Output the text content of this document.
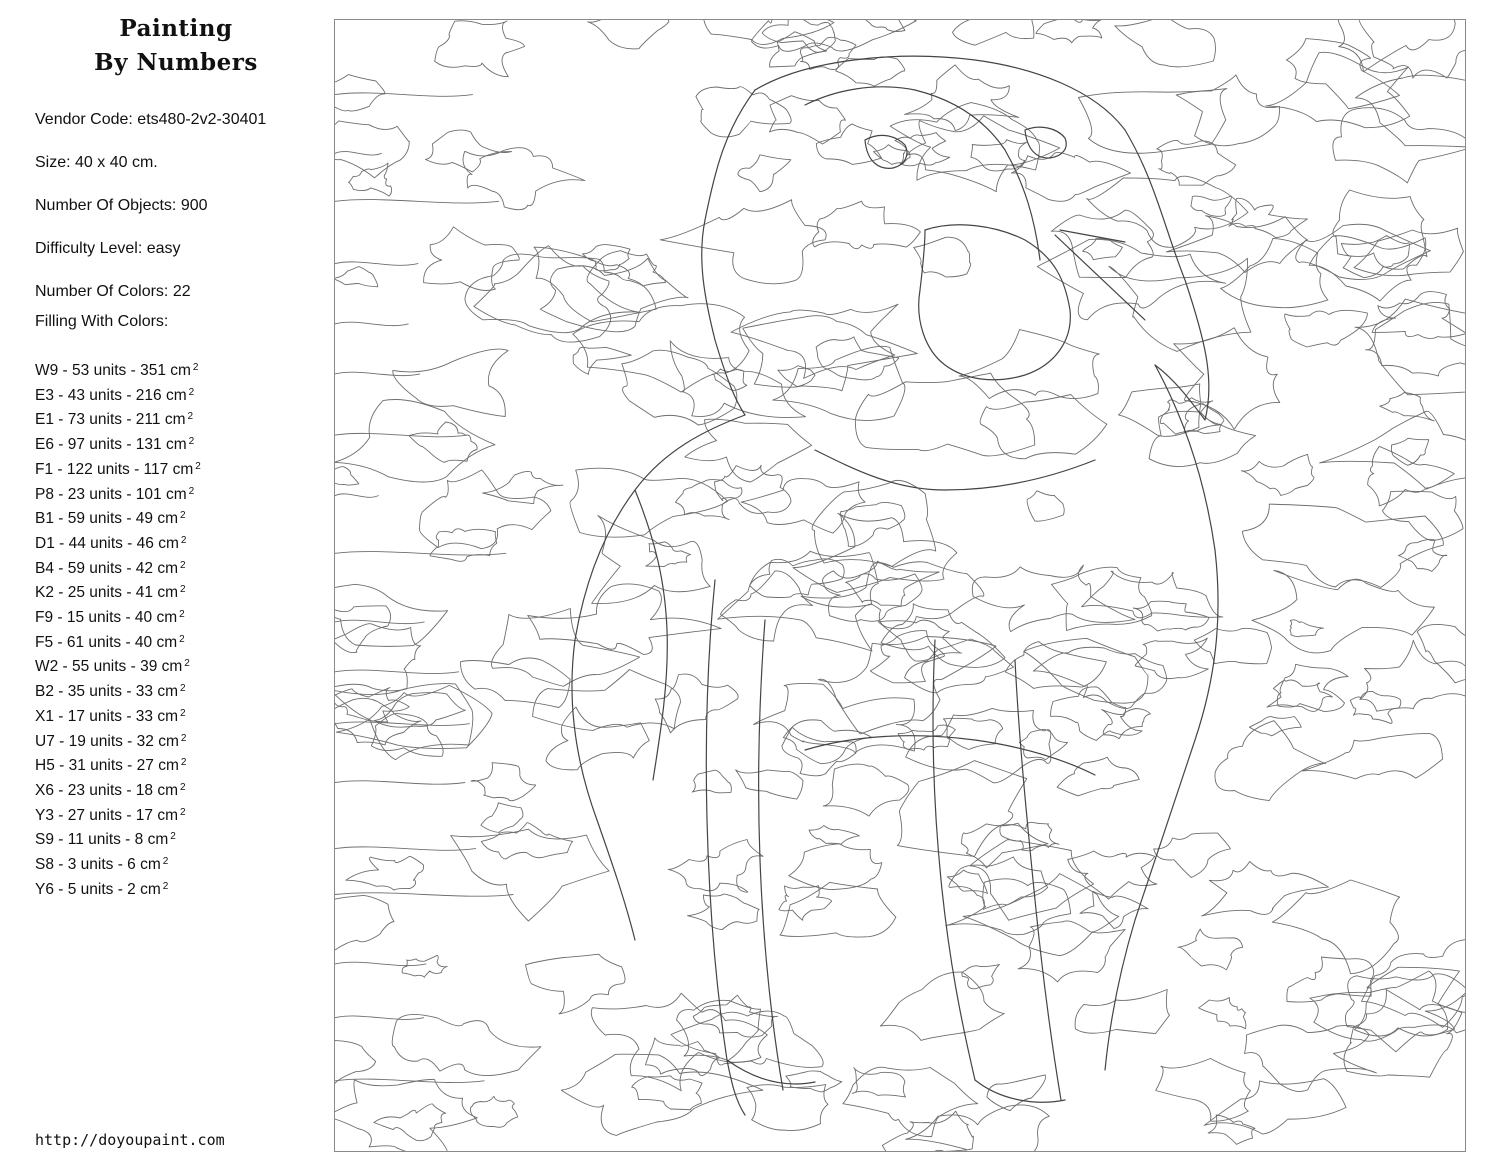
Painting
By Numbers
Vendor Code: ets480-2v2-30401
Size: 40 x 40 cm.
Number Of Objects: 900
Difficulty Level: easy
Number Of Colors: 22
Filling With Colors:
W9 - 53 units - 351 cm $^2$
E3 - 43 units - 216 cm $^2$
E1 - 73 units - 211 cm $^2$
E6 - 97 units - 131 cm $^2$
F1 - 122 units - 117 cm $^2$
P8 - 23 units - 101 cm $^2$
B1 - 59 units - 49 cm $^2$
D1 - 44 units - 46 cm $^2$
B4 - 59 units - 42 cm $^2$
K2 - 25 units - 41 cm $^2$
F9 - 15 units - 40 cm $^2$
F5 - 61 units - 40 cm $^2$
W2 - 55 units - 39 cm $^2$
B2 - 35 units - 33 cm $^2$
X1 - 17 units - 33 cm $^2$
U7 - 19 units - 32 cm $^2$
H5 - 31 units - 27 cm $^2$
X6 - 23 units - 18 cm $^2$
Y3 - 27 units - 17 cm $^2$
S9 - 11 units - 8 cm $^2$
S8 - 3 units - 6 cm $^2$
Y6 - 5 units - 2 cm $^2$
http://doyoupaint.com
